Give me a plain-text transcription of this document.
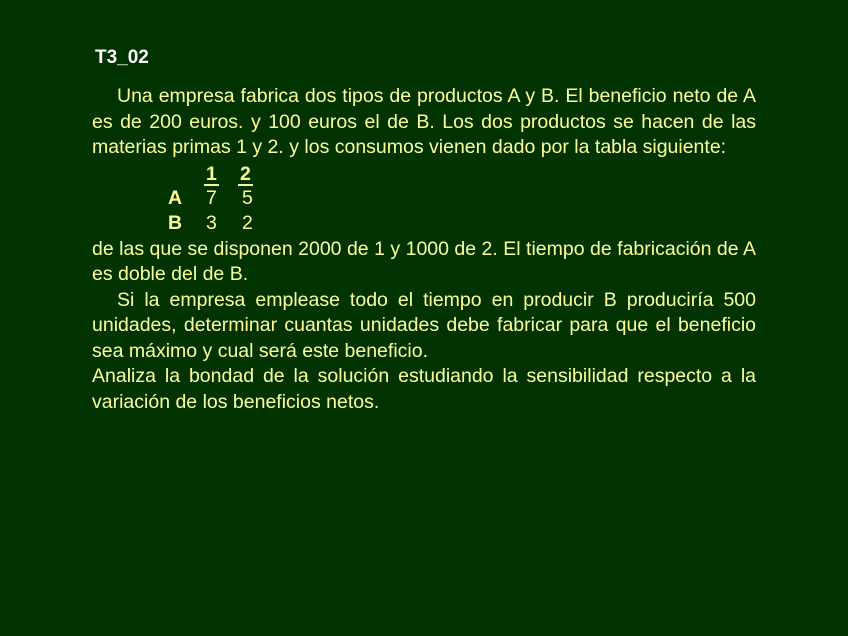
T3_02

Una empresa fabrica dos tipos de productos A y B. El beneficio neto de A es de 200 euros. y 100 euros el de B. Los dos productos se hacen de las materias primas 1 y 2. y los consumos vienen dado por la tabla siguiente:

1 2
A 7 5
B 3 2

de las que se disponen 2000 de 1 y 1000 de 2. El tiempo de fabricación de A es doble del de B.

Si la empresa emplease todo el tiempo en producir B produciría 500 unidades, determinar cuantas unidades debe fabricar para que el beneficio sea máximo y cual será este beneficio.

Analiza la bondad de la solución estudiando la sensibilidad respecto a la variación de los beneficios netos.
